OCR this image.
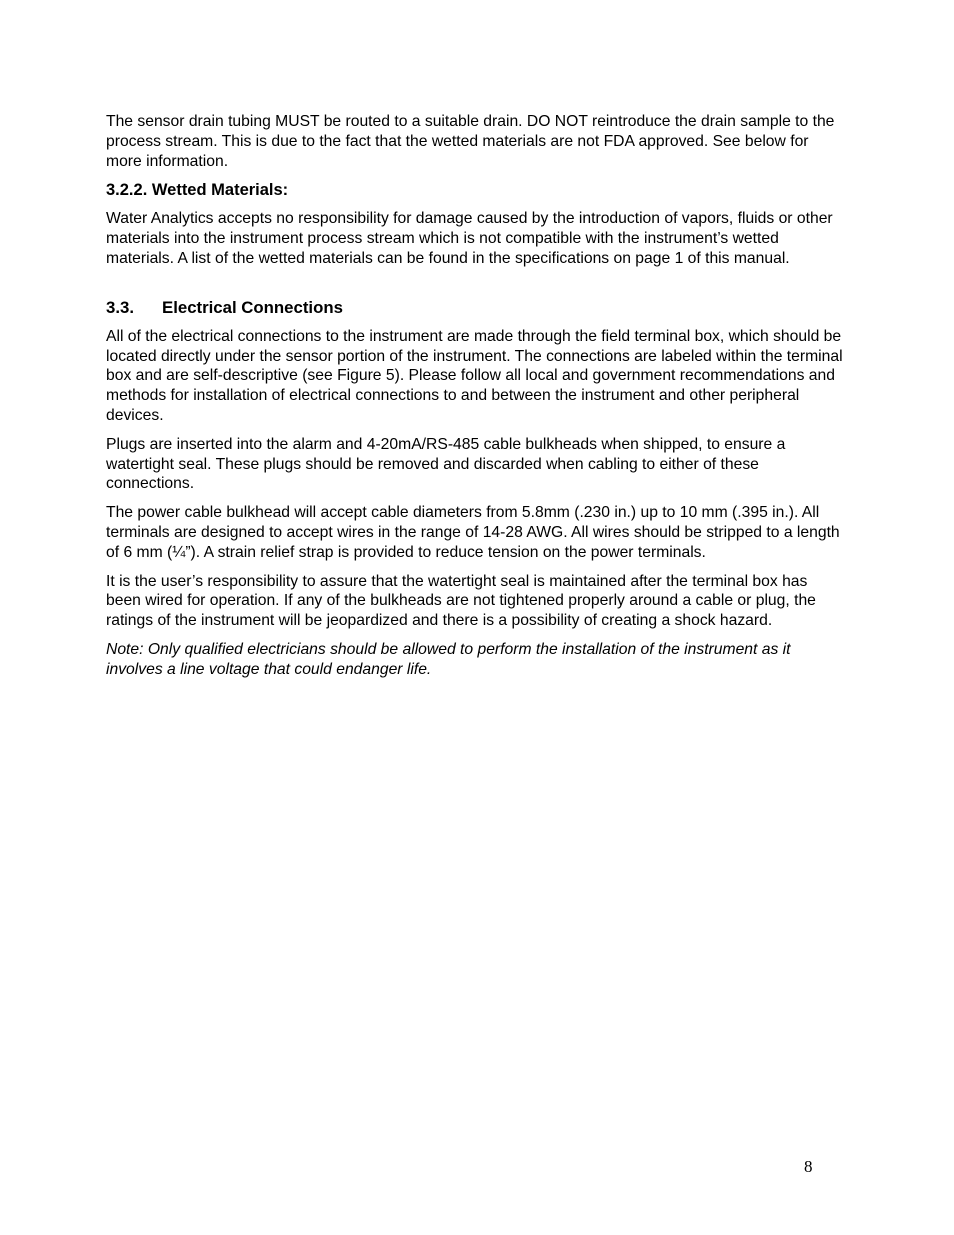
The sensor drain tubing MUST be routed to a suitable drain. DO NOT reintroduce the drain sample to the process stream. This is due to the fact that the wetted materials are not FDA approved. See below for more information.

3.2.2. Wetted Materials:

Water Analytics accepts no responsibility for damage caused by the introduction of vapors, fluids or other materials into the instrument process stream which is not compatible with the instrument’s wetted materials. A list of the wetted materials can be found in the specifications on page 1 of this manual.

3.3. Electrical Connections

All of the electrical connections to the instrument are made through the field terminal box, which should be located directly under the sensor portion of the instrument. The connections are labeled within the terminal box and are self-descriptive (see Figure 5). Please follow all local and government recommendations and methods for installation of electrical connections to and between the instrument and other peripheral devices.

Plugs are inserted into the alarm and 4-20mA/RS-485 cable bulkheads when shipped, to ensure a watertight seal. These plugs should be removed and discarded when cabling to either of these connections.

The power cable bulkhead will accept cable diameters from 5.8mm (.230 in.) up to 10 mm (.395 in.). All terminals are designed to accept wires in the range of 14-28 AWG. All wires should be stripped to a length of 6 mm (¼”). A strain relief strap is provided to reduce tension on the power terminals.

It is the user’s responsibility to assure that the watertight seal is maintained after the terminal box has been wired for operation. If any of the bulkheads are not tightened properly around a cable or plug, the ratings of the instrument will be jeopardized and there is a possibility of creating a shock hazard.

Note: Only qualified electricians should be allowed to perform the installation of the instrument as it involves a line voltage that could endanger life.

8
